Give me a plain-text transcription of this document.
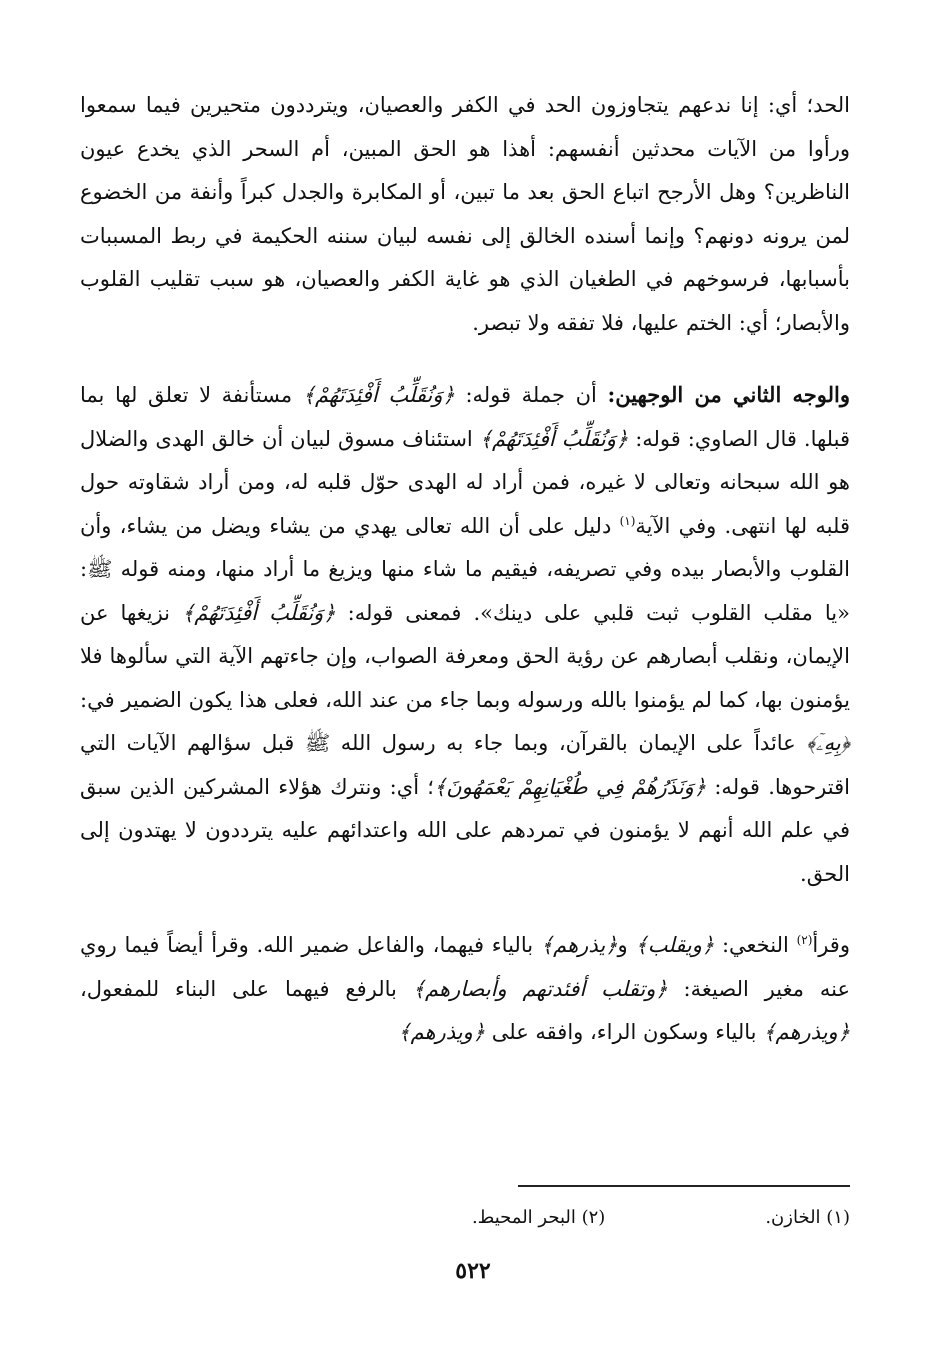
الحد؛ أي: إنا ندعهم يتجاوزون الحد في الكفر والعصيان، ويترددون متحيرين فيما سمعوا ورأوا من الآيات محدثين أنفسهم: أهذا هو الحق المبين، أم السحر الذي يخدع عيون الناظرين؟ وهل الأرجح اتباع الحق بعد ما تبين، أو المكابرة والجدل كبراً وأنفة من الخضوع لمن يرونه دونهم؟ وإنما أسنده الخالق إلى نفسه لبيان سننه الحكيمة في ربط المسببات بأسبابها، فرسوخهم في الطغيان الذي هو غاية الكفر والعصيان، هو سبب تقليب القلوب والأبصار؛ أي: الختم عليها، فلا تفقه ولا تبصر.

والوجه الثاني من الوجهين: أن جملة قوله: ﴿وَنُقَلِّبُ أَفْئِدَتَهُمْ﴾ مستأنفة لا تعلق لها بما قبلها. قال الصاوي: قوله: ﴿وَنُقَلِّبُ أَفْئِدَتَهُمْ﴾ استئناف مسوق لبيان أن خالق الهدى والضلال هو الله سبحانه وتعالى لا غيره، فمن أراد له الهدى حوّل قلبه له، ومن أراد شقاوته حول قلبه لها انتهى. وفي الآية$^{(١)}$ دليل على أن الله تعالى يهدي من يشاء ويضل من يشاء، وأن القلوب والأبصار بيده وفي تصريفه، فيقيم ما شاء منها ويزيغ ما أراد منها، ومنه قوله ﷺ: «يا مقلب القلوب ثبت قلبي على دينك». فمعنى قوله: ﴿وَنُقَلِّبُ أَفْئِدَتَهُمْ﴾ نزيغها عن الإيمان، ونقلب أبصارهم عن رؤية الحق ومعرفة الصواب، وإن جاءتهم الآية التي سألوها فلا يؤمنون بها، كما لم يؤمنوا بالله ورسوله وبما جاء من عند الله، فعلى هذا يكون الضمير في: ﴿بِهِۦٓ﴾ عائداً على الإيمان بالقرآن، وبما جاء به رسول الله ﷺ قبل سؤالهم الآيات التي اقترحوها. قوله: ﴿وَنَذَرُهُمْ فِي طُغْيَانِهِمْ يَعْمَهُونَ﴾؛ أي: ونترك هؤلاء المشركين الذين سبق في علم الله أنهم لا يؤمنون في تمردهم على الله واعتدائهم عليه يترددون لا يهتدون إلى الحق.

وقرأ$^{(٢)}$ النخعي: ﴿ويقلب﴾ و﴿يذرهم﴾ بالياء فيهما، والفاعل ضمير الله. وقرأ أيضاً فيما روي عنه مغير الصيغة: ﴿وتقلب أفئدتهم وأبصارهم﴾ بالرفع فيهما على البناء للمفعول، ﴿ويذرهم﴾ بالياء وسكون الراء، وافقه على ﴿ويذرهم﴾

(١) الخازن.
(٢) البحر المحيط.
٥٢٢
